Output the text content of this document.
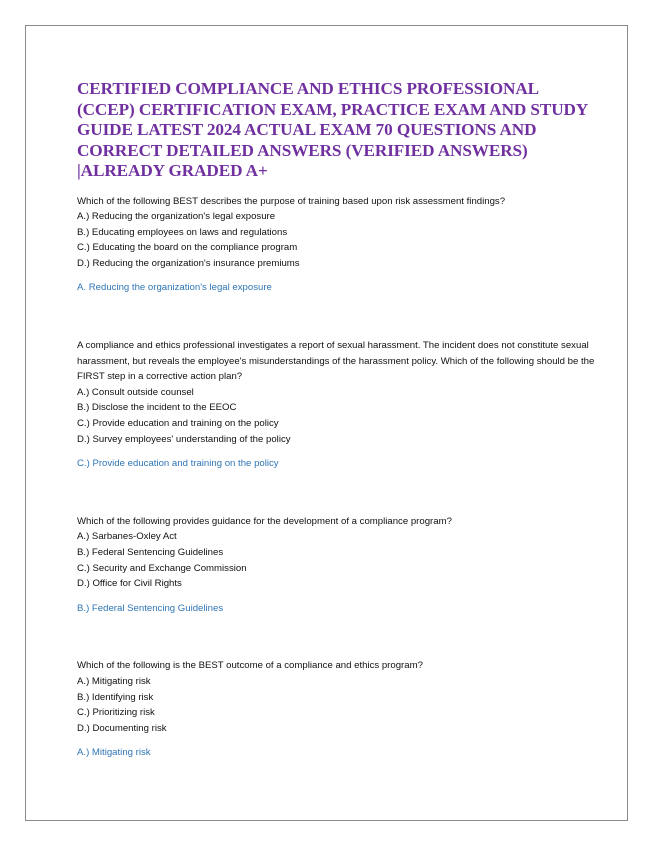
CERTIFIED COMPLIANCE AND ETHICS PROFESSIONAL (CCEP) CERTIFICATION EXAM, PRACTICE EXAM AND STUDY GUIDE LATEST 2024 ACTUAL EXAM 70 QUESTIONS AND CORRECT DETAILED ANSWERS (VERIFIED ANSWERS) |ALREADY GRADED A+

Which of the following BEST describes the purpose of training based upon risk assessment findings?

A.) Reducing the organization's legal exposure

B.) Educating employees on laws and regulations

C.) Educating the board on the compliance program

D.) Reducing the organization's insurance premiums

A. Reducing the organization's legal exposure

A compliance and ethics professional investigates a report of sexual harassment. The incident does not constitute sexual harassment, but reveals the employee's misunderstandings of the harassment policy. Which of the following should be the FIRST step in a corrective action plan?

A.) Consult outside counsel

B.) Disclose the incident to the EEOC

C.) Provide education and training on the policy

D.) Survey employees' understanding of the policy

C.) Provide education and training on the policy

Which of the following provides guidance for the development of a compliance program?

A.) Sarbanes-Oxley Act

B.) Federal Sentencing Guidelines

C.) Security and Exchange Commission

D.) Office for Civil Rights

B.) Federal Sentencing Guidelines

Which of the following is the BEST outcome of a compliance and ethics program?

A.) Mitigating risk

B.) Identifying risk

C.) Prioritizing risk

D.) Documenting risk

A.) Mitigating risk
